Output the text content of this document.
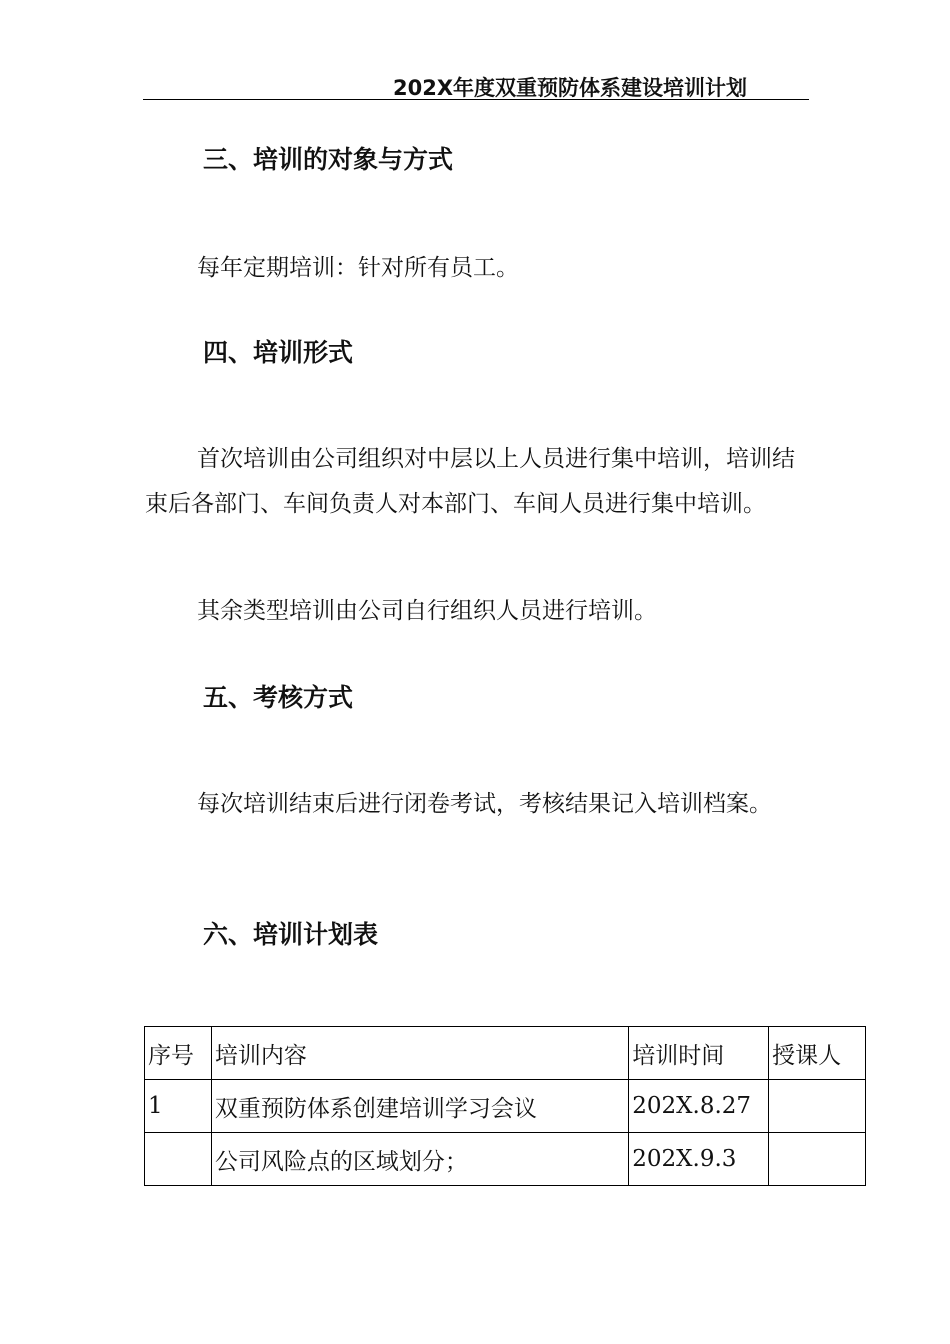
202X年度双重预防体系建设培训计划
三、培训的对象与方式
每年定期培训：针对所有员工。
四、培训形式
首次培训由公司组织对中层以上人员进行集中培训，培训结束后各部门、车间负责人对本部门、车间人员进行集中培训。
其余类型培训由公司自行组织人员进行培训。
五、考核方式
每次培训结束后进行闭卷考试，考核结果记入培训档案。
六、培训计划表
序号	培训内容	培训时间	授课人
1	双重预防体系创建培训学习会议	202X.8.27	
	公司风险点的区域划分；	202X.9.3	
